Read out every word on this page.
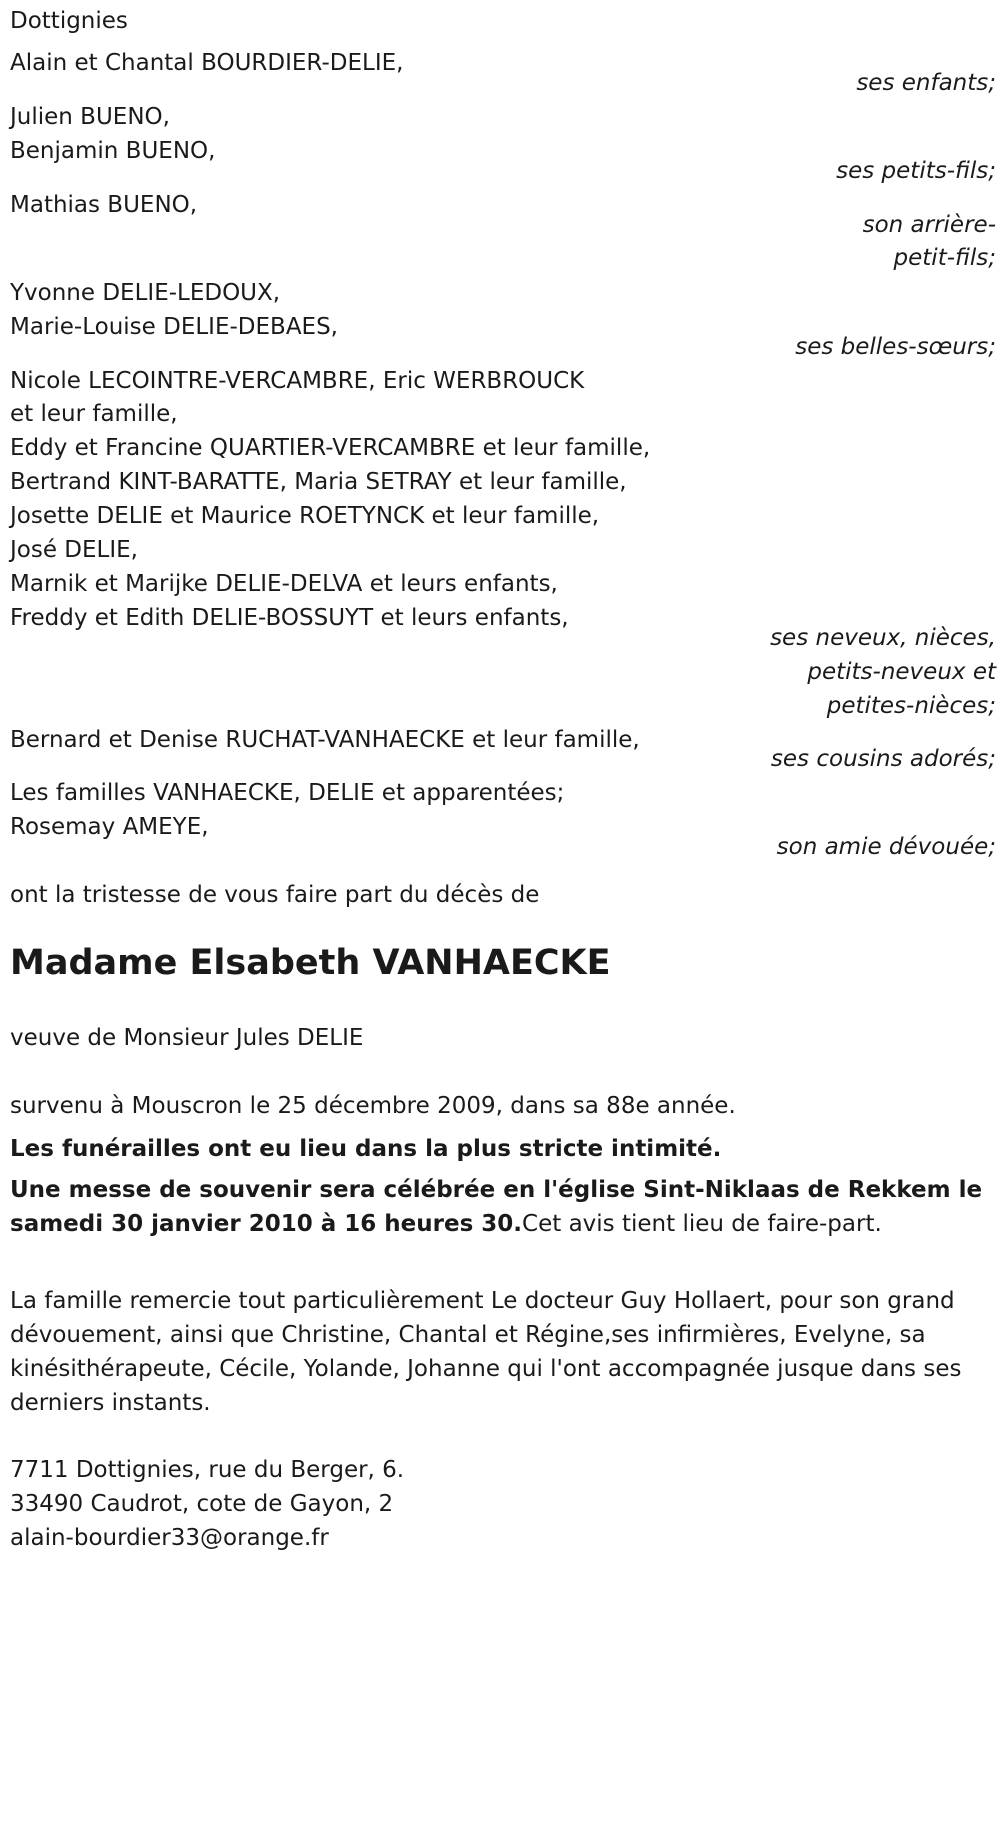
Dottignies
Alain et Chantal BOURDIER-DELIE,
ses enfants;
Julien BUENO,
Benjamin BUENO,
ses petits-fils;
Mathias BUENO,
son arrière-
petit-fils;
Yvonne DELIE-LEDOUX,
Marie-Louise DELIE-DEBAES,
ses belles-sœurs;
Nicole LECOINTRE-VERCAMBRE, Eric WERBROUCK
et leur famille,
Eddy et Francine QUARTIER-VERCAMBRE et leur famille,
Bertrand KINT-BARATTE, Maria SETRAY et leur famille,
Josette DELIE et Maurice ROETYNCK et leur famille,
José DELIE,
Marnik et Marijke DELIE-DELVA et leurs enfants,
Freddy et Edith DELIE-BOSSUYT et leurs enfants,
ses neveux, nièces,
petits-neveux et
petites-nièces;
Bernard et Denise RUCHAT-VANHAECKE et leur famille,
ses cousins adorés;
Les familles VANHAECKE, DELIE et apparentées;
Rosemay AMEYE,
son amie dévouée;
ont la tristesse de vous faire part du décès de
Madame Elsabeth VANHAECKE
veuve de Monsieur Jules DELIE
survenu à Mouscron le 25 décembre 2009, dans sa 88e année.
Les funérailles ont eu lieu dans la plus stricte intimité.
Une messe de souvenir sera célébrée en l'église Sint-Niklaas de Rekkem le samedi 30 janvier 2010 à 16 heures 30.Cet avis tient lieu de faire-part.
La famille remercie tout particulièrement Le docteur Guy Hollaert, pour son grand dévouement, ainsi que Christine, Chantal et Régine,ses infirmières, Evelyne, sa kinésithérapeute, Cécile, Yolande, Johanne qui l'ont accompagnée jusque dans ses derniers instants.
7711 Dottignies, rue du Berger, 6.
33490 Caudrot, cote de Gayon, 2
alain-bourdier33@orange.fr
